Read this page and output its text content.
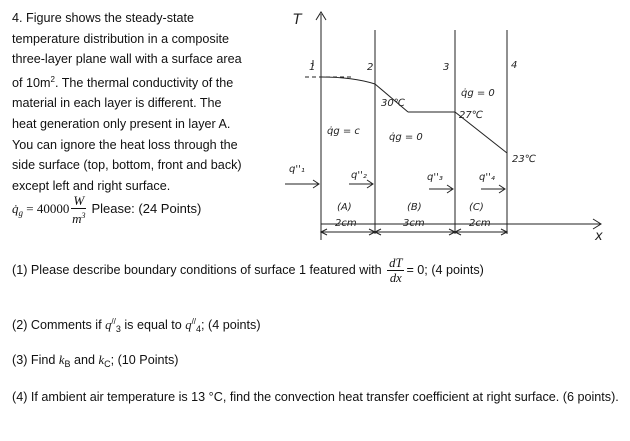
4. Figure shows the steady-state

temperature distribution in a composite

three-layer plane wall with a surface area

of $10m^2$. The thermal conductivity of the

material in each layer is different. The

heat generation only present in layer A.

You can ignore the heat loss through the

side surface (top, bottom, front and back)

except left and right surface.

$q̇_g = 40000 \frac{W}{m^3}$ Please: (24 Points)
(1) Please describe boundary conditions of surface 1 featured with $\frac{dT}{dx} = 0$; (4 points)
(2) Comments if $q^{//}_3$ is equal to $q^{//}_4$; (4 points)
(3) Find $k_B$ and $k_C$; (10 Points)
(4) If ambient air temperature is 13 °C, find the convection heat transfer coefficient at right surface. (6 points).
T
x
1	2	3	4
30℃
27℃
23℃
q̇g = c
q̇g = 0
q̇g = 0
q''₁
q''₂	q''₃	q''₄
(A)	(B)	(C)
2cm	3cm	2cm
